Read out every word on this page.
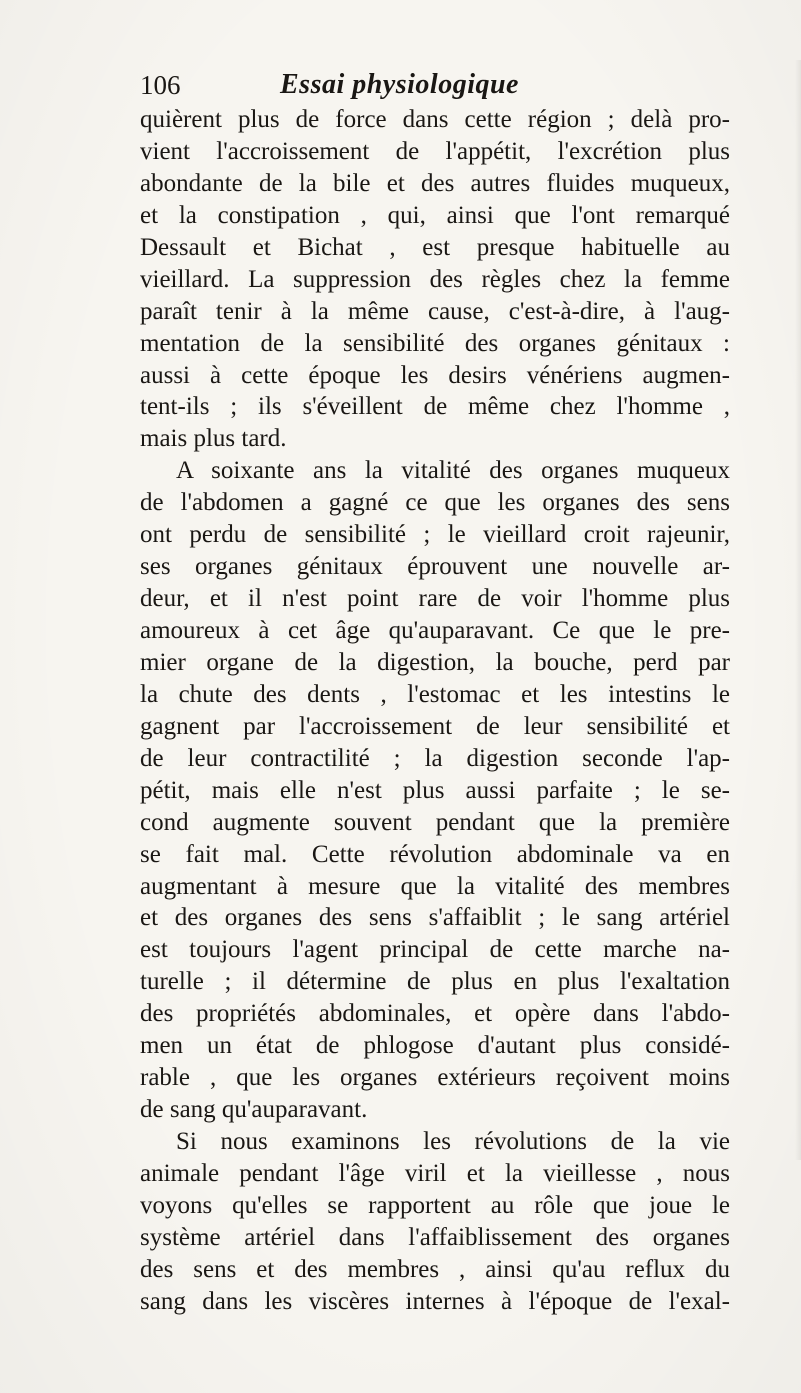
106	Essai physiologique
quièrent plus de force dans cette région ; delà pro-
vient l'accroissement de l'appétit, l'excrétion plus
abondante de la bile et des autres fluides muqueux,
et la constipation , qui, ainsi que l'ont remarqué
Dessault et Bichat , est presque habituelle au
vieillard. La suppression des règles chez la femme
paraît tenir à la même cause, c'est-à-dire, à l'aug-
mentation de la sensibilité des organes génitaux :
aussi à cette époque les desirs vénériens augmen-
tent-ils ; ils s'éveillent de même chez l'homme ,
mais plus tard.
A soixante ans la vitalité des organes muqueux
de l'abdomen a gagné ce que les organes des sens
ont perdu de sensibilité ; le vieillard croit rajeunir,
ses organes génitaux éprouvent une nouvelle ar-
deur, et il n'est point rare de voir l'homme plus
amoureux à cet âge qu'auparavant. Ce que le pre-
mier organe de la digestion, la bouche, perd par
la chute des dents , l'estomac et les intestins le
gagnent par l'accroissement de leur sensibilité et
de leur contractilité ; la digestion seconde l'ap-
pétit, mais elle n'est plus aussi parfaite ; le se-
cond augmente souvent pendant que la première
se fait mal. Cette révolution abdominale va en
augmentant à mesure que la vitalité des membres
et des organes des sens s'affaiblit ; le sang artériel
est toujours l'agent principal de cette marche na-
turelle ; il détermine de plus en plus l'exaltation
des propriétés abdominales, et opère dans l'abdo-
men un état de phlogose d'autant plus considé-
rable , que les organes extérieurs reçoivent moins
de sang qu'auparavant.
Si nous examinons les révolutions de la vie
animale pendant l'âge viril et la vieillesse , nous
voyons qu'elles se rapportent au rôle que joue le
système artériel dans l'affaiblissement des organes
des sens et des membres , ainsi qu'au reflux du
sang dans les viscères internes à l'époque de l'exal-
